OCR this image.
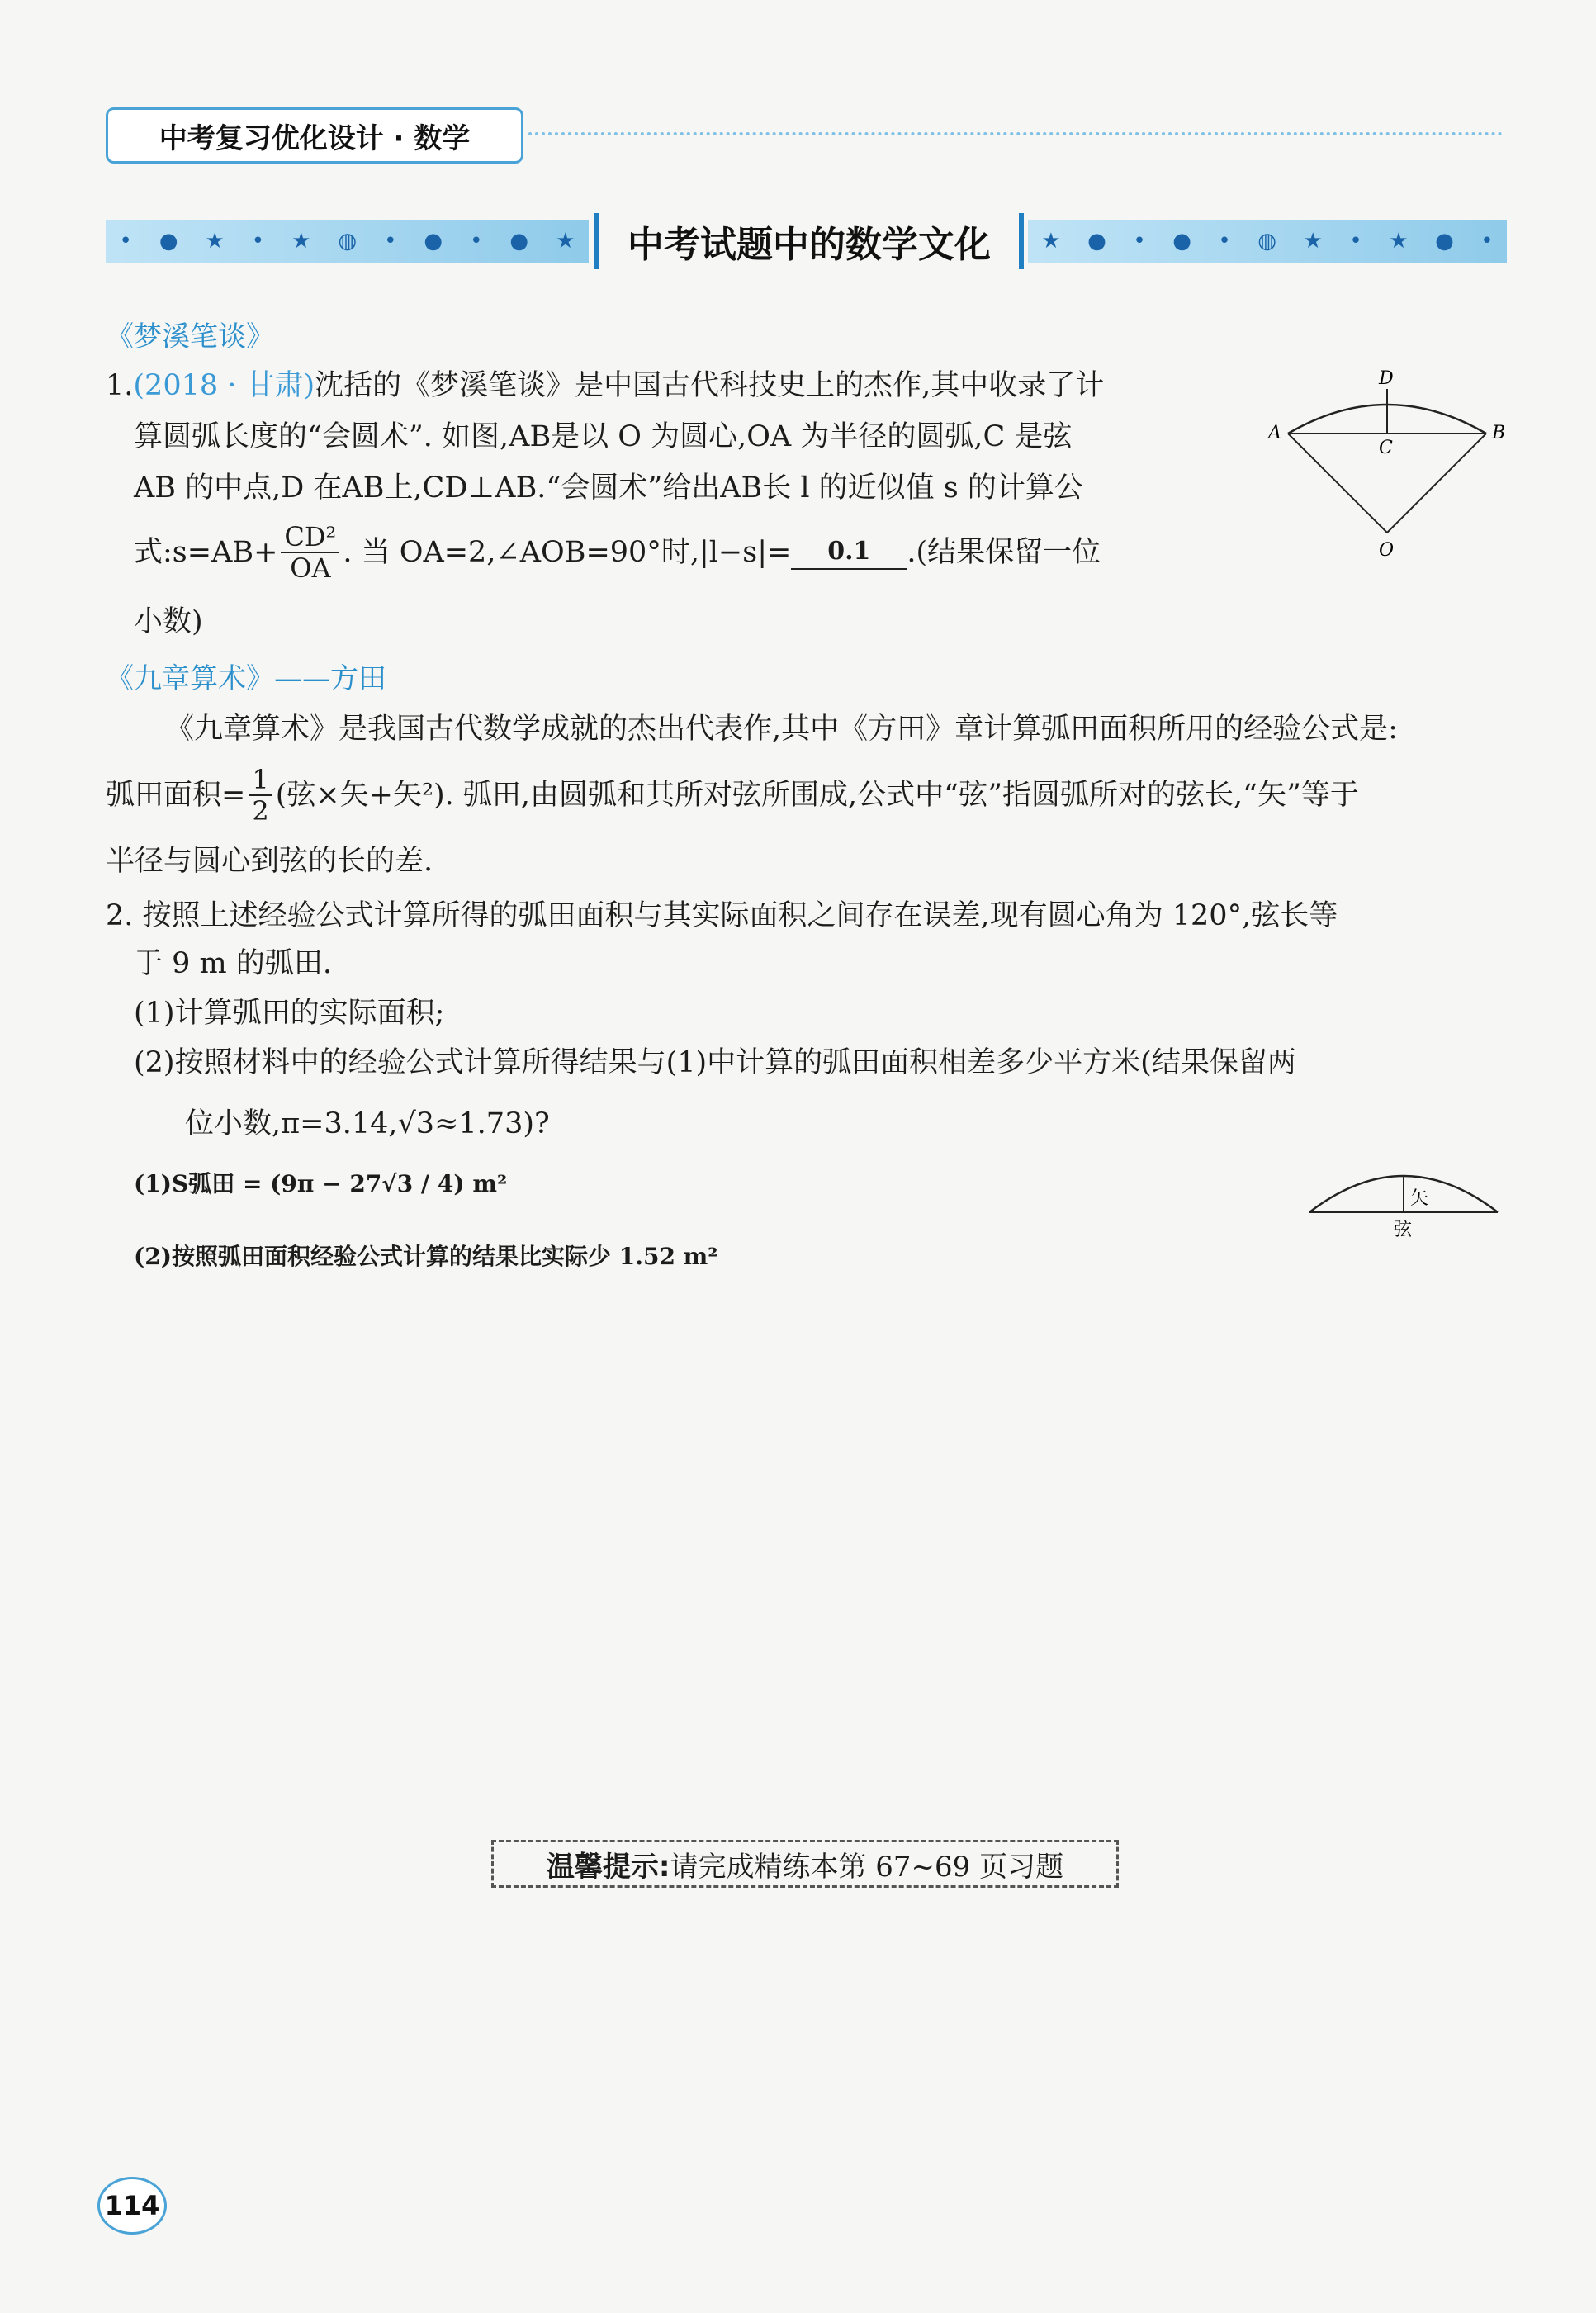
中考复习优化设计 · 数学
• ● ★ • ★ ◍ • ● • ● ★	中考试题中的数学文化	★ ● • ● • ◍ ★ • ★ ● •
《梦溪笔谈》
1.(2018 · 甘肃)沈括的《梦溪笔谈》是中国古代科技史上的杰作,其中收录了计
算圆弧长度的“会圆术”. 如图,AB是以 O 为圆心,OA 为半径的圆弧,C 是弦
AB 的中点,D 在AB上,CD⊥AB.“会圆术”给出AB长 l 的近似值 s 的计算公
式:s=AB+ $\frac{\text{CD²}}{OA}$ . 当 OA=2,∠AOB=90°时,|l−s|=	0.1	.(结果保留一位
小数)
A	B
D
C
O
《九章算术》——方田
《九章算术》是我国古代数学成就的杰出代表作,其中《方田》章计算弧田面积所用的经验公式是:
弧田面积= $\frac{1}{2}$ (弦×矢+矢²). 弧田,由圆弧和其所对弦所围成,公式中“弦”指圆弧所对的弦长,“矢”等于
半径与圆心到弦的长的差.
2. 按照上述经验公式计算所得的弧田面积与其实际面积之间存在误差,现有圆心角为 120°,弦长等
于 9 m 的弧田.
(1)计算弧田的实际面积;
(2)按照材料中的经验公式计算所得结果与(1)中计算的弧田面积相差多少平方米(结果保留两
位小数,π=3.14,√3≈1.73)?
(1)S弧田 = (9π − 27√3 / 4) m²
(2)按照弧田面积经验公式计算的结果比实际少 1.52 m²
矢
弦
温馨提示: 请完成精练本第 67~69 页习题
114
